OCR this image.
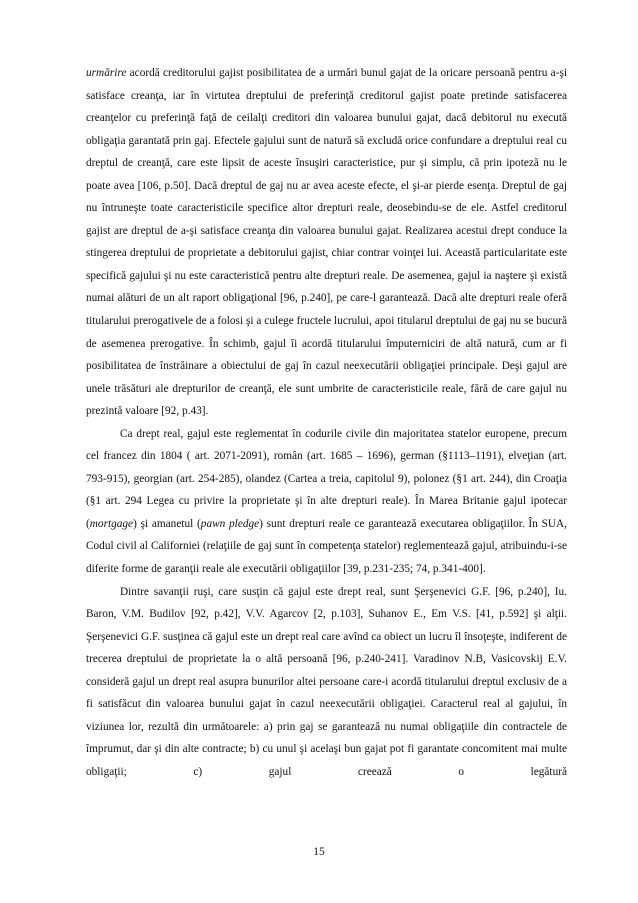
urmărire acordă creditorului gajist posibilitatea de a urmări bunul gajat de la oricare persoană pentru a-şi satisface creanţa, iar în virtutea dreptului de preferinţă creditorul gajist poate pretinde satisfacerea creanţelor cu preferinţă faţă de ceilalţi creditori din valoarea bunului gajat, dacă debitorul nu execută obligaţia garantată prin gaj. Efectele gajului sunt de natură să excludă orice confundare a dreptului real cu dreptul de creanţă, care este lipsit de aceste însuşiri caracteristice, pur şi simplu, că prin ipoteză nu le poate avea [106, p.50]. Dacă dreptul de gaj nu ar avea aceste efecte, el şi-ar pierde esenţa. Dreptul de gaj nu întruneşte toate caracteristicile specifice altor drepturi reale, deosebindu-se de ele. Astfel creditorul gajist are dreptul de a-şi satisface creanţa din valoarea bunului gajat. Realizarea acestui drept conduce la stingerea dreptului de proprietate a debitorului gajist, chiar contrar voinţei lui. Această particularitate este specifică gajului şi nu este caracteristică pentru alte drepturi reale. De asemenea, gajul ia naştere şi există numai alături de un alt raport obligaţional [96, p.240], pe care-l garantează. Dacă alte drepturi reale oferă titularului prerogativele de a folosi şi a culege fructele lucrului, apoi titularul dreptului de gaj nu se bucură de asemenea prerogative. În schimb, gajul îi acordă titularului împuterniciri de altă natură, cum ar fi posibilitatea de înstrăinare a obiectului de gaj în cazul neexecutării obligaţiei principale. Deşi gajul are unele trăsături ale drepturilor de creanţă, ele sunt umbrite de caracteristicile reale, fără de care gajul nu prezintă valoare [92, p.43].

Ca drept real, gajul este reglementat în codurile civile din majoritatea statelor europene, precum cel francez din 1804 ( art. 2071-2091), român (art. 1685 – 1696), german (§1113–1191), elveţian (art. 793-915), georgian (art. 254-285), olandez (Cartea a treia, capitolul 9), polonez (§1 art. 244), din Croaţia (§1 art. 294 Legea cu privire la proprietate şi în alte drepturi reale). În Marea Britanie gajul ipotecar (mortgage) şi amanetul (pawn pledge) sunt drepturi reale ce garantează executarea obligaţiilor. În SUA, Codul civil al Californiei (relaţiile de gaj sunt în competenţa statelor) reglementează gajul, atribuindu-i-se diferite forme de garanţii reale ale executării obligaţiilor [39, p.231-235; 74, p.341-400].

Dintre savanţii ruşi, care susţin că gajul este drept real, sunt Şerşenevici G.F. [96, p.240], Iu. Baron, V.M. Budilov [92, p.42], V.V. Agarcov [2, p.103], Suhanov E., Em V.S. [41, p.592] şi alţii. Şerşenevici G.F. susţinea că gajul este un drept real care avînd ca obiect un lucru îl însoţeşte, indiferent de trecerea dreptului de proprietate la o altă persoană [96, p.240-241]. Varadinov N.B, Vasicovskij E.V. consideră gajul un drept real asupra bunurilor altei persoane care-i acordă titularului dreptul exclusiv de a fi satisfăcut din valoarea bunului gajat în cazul neexecutării obligaţiei. Caracterul real al gajului, în viziunea lor, rezultă din următoarele: a) prin gaj se garantează nu numai obligaţiile din contractele de împrumut, dar şi din alte contracte; b) cu unul şi acelaşi bun gajat pot fi garantate concomitent mai multe obligaţii; c) gajul creează o legătură

15
